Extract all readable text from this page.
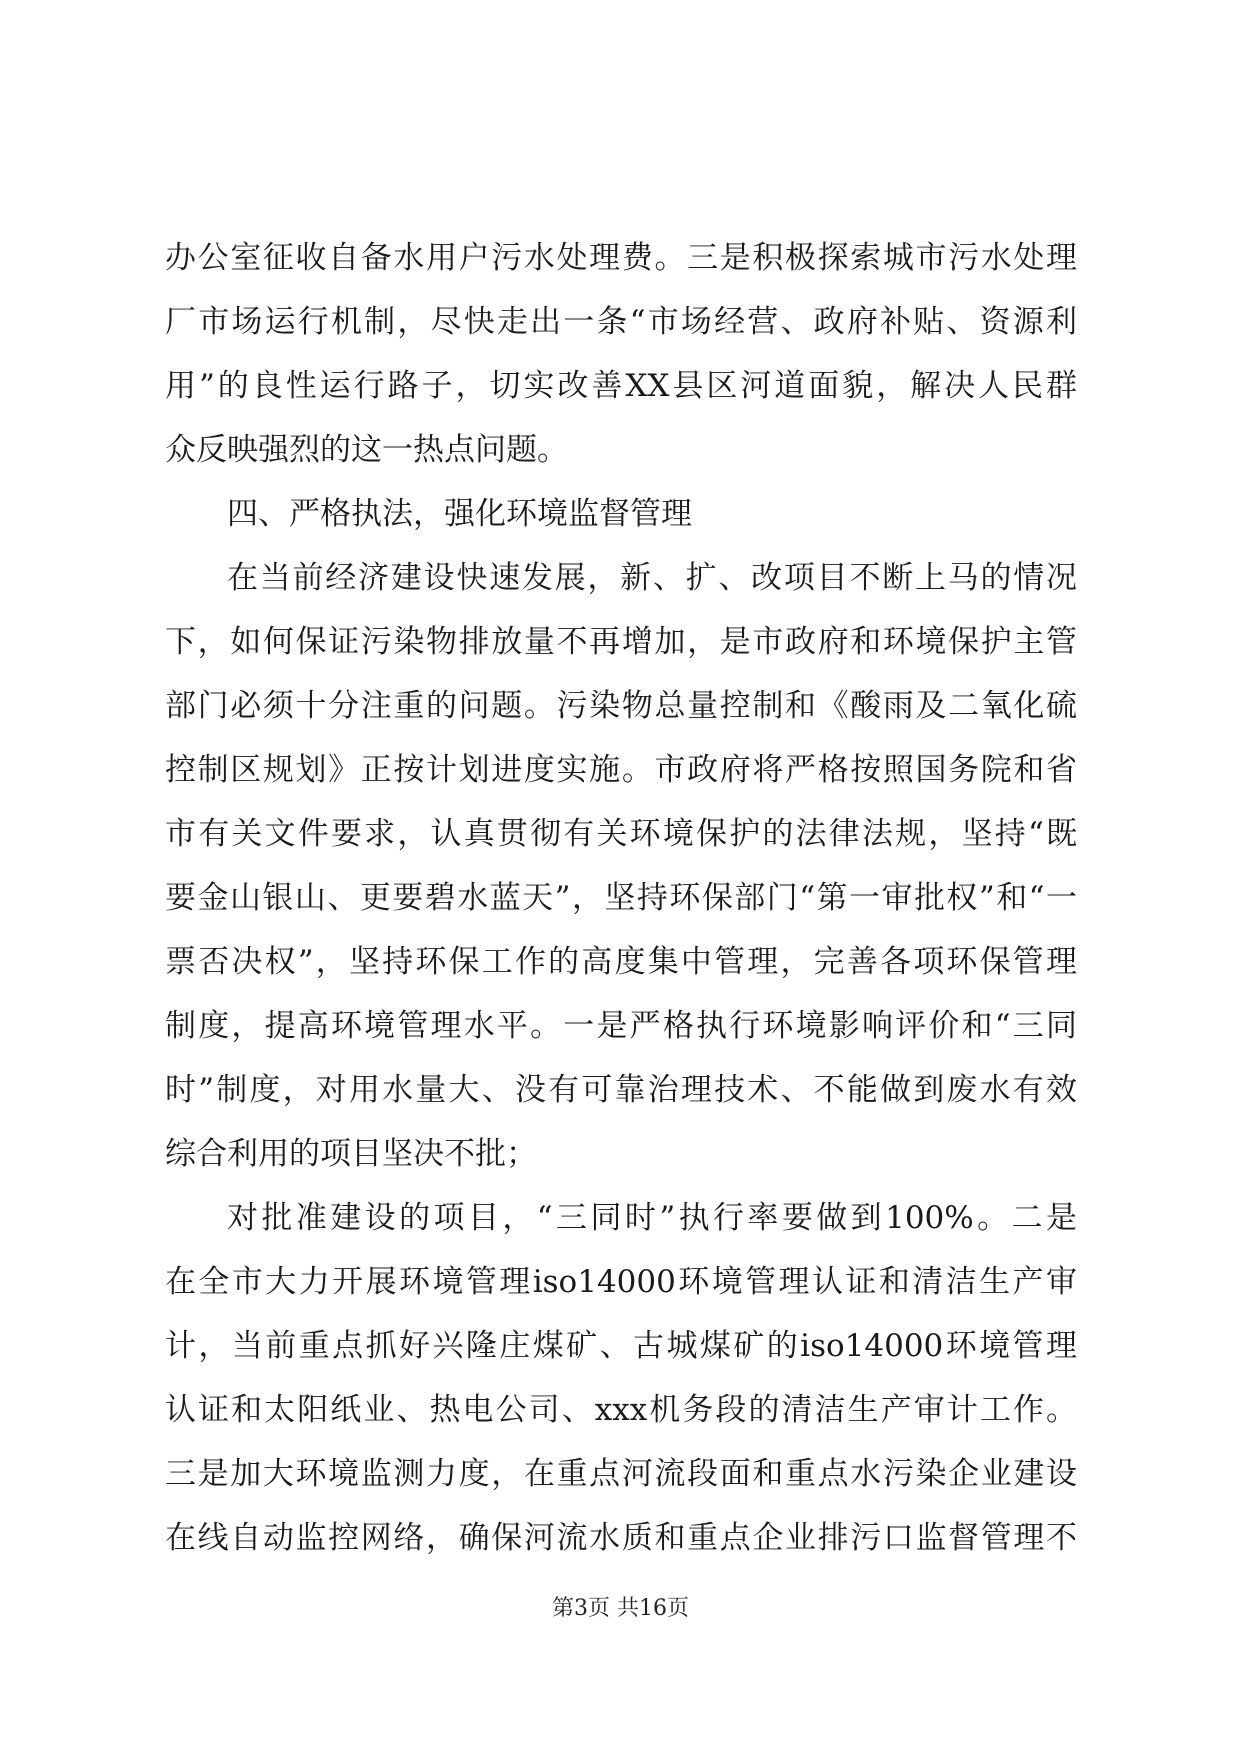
办公室征收自备水用户污水处理费。三是积极探索城市污水处理
厂市场运行机制，尽快走出一条“市场经营、政府补贴、资源利
用”的良性运行路子，切实改善XX县区河道面貌，解决人民群
众反映强烈的这一热点问题。
四、严格执法，强化环境监督管理
在当前经济建设快速发展，新、扩、改项目不断上马的情况
下，如何保证污染物排放量不再增加，是市政府和环境保护主管
部门必须十分注重的问题。污染物总量控制和《酸雨及二氧化硫
控制区规划》正按计划进度实施。市政府将严格按照国务院和省
市有关文件要求，认真贯彻有关环境保护的法律法规，坚持“既
要金山银山、更要碧水蓝天”，坚持环保部门“第一审批权”和“一
票否决权”，坚持环保工作的高度集中管理，完善各项环保管理
制度，提高环境管理水平。一是严格执行环境影响评价和“三同
时”制度，对用水量大、没有可靠治理技术、不能做到废水有效
综合利用的项目坚决不批；
对批准建设的项目，“三同时”执行率要做到100%。二是
在全市大力开展环境管理iso14000环境管理认证和清洁生产审
计，当前重点抓好兴隆庄煤矿、古城煤矿的iso14000环境管理
认证和太阳纸业、热电公司、xxx机务段的清洁生产审计工作。
三是加大环境监测力度，在重点河流段面和重点水污染企业建设
在线自动监控网络，确保河流水质和重点企业排污口监督管理不
第3页 共16页
